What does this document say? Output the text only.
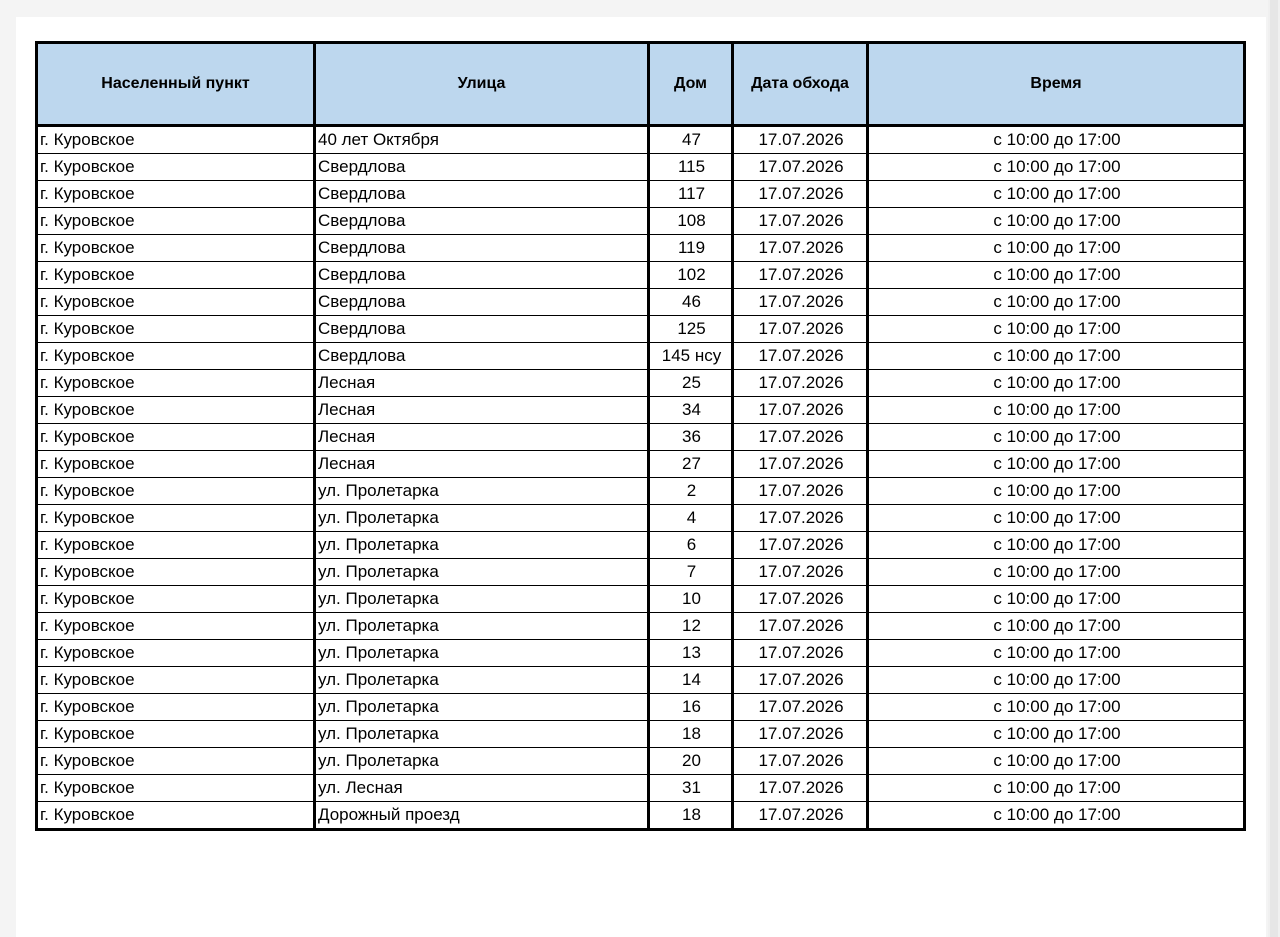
Населенный пункт	Улица	Дом	Дата обхода	Время
г. Куровское	40 лет Октября	47	17.07.2026	с 10:00 до 17:00
г. Куровское	Свердлова	115	17.07.2026	с 10:00 до 17:00
г. Куровское	Свердлова	117	17.07.2026	с 10:00 до 17:00
г. Куровское	Свердлова	108	17.07.2026	с 10:00 до 17:00
г. Куровское	Свердлова	119	17.07.2026	с 10:00 до 17:00
г. Куровское	Свердлова	102	17.07.2026	с 10:00 до 17:00
г. Куровское	Свердлова	46	17.07.2026	с 10:00 до 17:00
г. Куровское	Свердлова	125	17.07.2026	с 10:00 до 17:00
г. Куровское	Свердлова	145 нсу	17.07.2026	с 10:00 до 17:00
г. Куровское	Лесная	25	17.07.2026	с 10:00 до 17:00
г. Куровское	Лесная	34	17.07.2026	с 10:00 до 17:00
г. Куровское	Лесная	36	17.07.2026	с 10:00 до 17:00
г. Куровское	Лесная	27	17.07.2026	с 10:00 до 17:00
г. Куровское	ул. Пролетарка	2	17.07.2026	с 10:00 до 17:00
г. Куровское	ул. Пролетарка	4	17.07.2026	с 10:00 до 17:00
г. Куровское	ул. Пролетарка	6	17.07.2026	с 10:00 до 17:00
г. Куровское	ул. Пролетарка	7	17.07.2026	с 10:00 до 17:00
г. Куровское	ул. Пролетарка	10	17.07.2026	с 10:00 до 17:00
г. Куровское	ул. Пролетарка	12	17.07.2026	с 10:00 до 17:00
г. Куровское	ул. Пролетарка	13	17.07.2026	с 10:00 до 17:00
г. Куровское	ул. Пролетарка	14	17.07.2026	с 10:00 до 17:00
г. Куровское	ул. Пролетарка	16	17.07.2026	с 10:00 до 17:00
г. Куровское	ул. Пролетарка	18	17.07.2026	с 10:00 до 17:00
г. Куровское	ул. Пролетарка	20	17.07.2026	с 10:00 до 17:00
г. Куровское	ул. Лесная	31	17.07.2026	с 10:00 до 17:00
г. Куровское	Дорожный проезд	18	17.07.2026	с 10:00 до 17:00
